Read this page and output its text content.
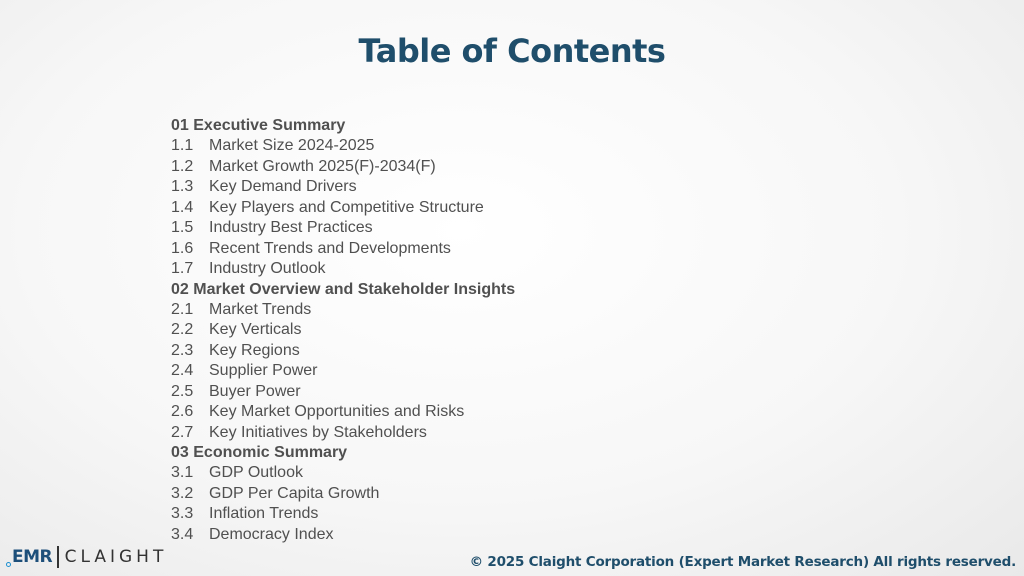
Table of Contents
01 Executive Summary
1.1 Market Size 2024-2025
1.2 Market Growth 2025(F)-2034(F)
1.3 Key Demand Drivers
1.4 Key Players and Competitive Structure
1.5 Industry Best Practices
1.6 Recent Trends and Developments
1.7 Industry Outlook
02 Market Overview and Stakeholder Insights
2.1 Market Trends
2.2 Key Verticals
2.3 Key Regions
2.4 Supplier Power
2.5 Buyer Power
2.6 Key Market Opportunities and Risks
2.7 Key Initiatives by Stakeholders
03 Economic Summary
3.1 GDP Outlook
3.2 GDP Per Capita Growth
3.3 Inflation Trends
3.4 Democracy Index
EMR CLAIGHT	© 2025 Claight Corporation (Expert Market Research) All rights reserved.
